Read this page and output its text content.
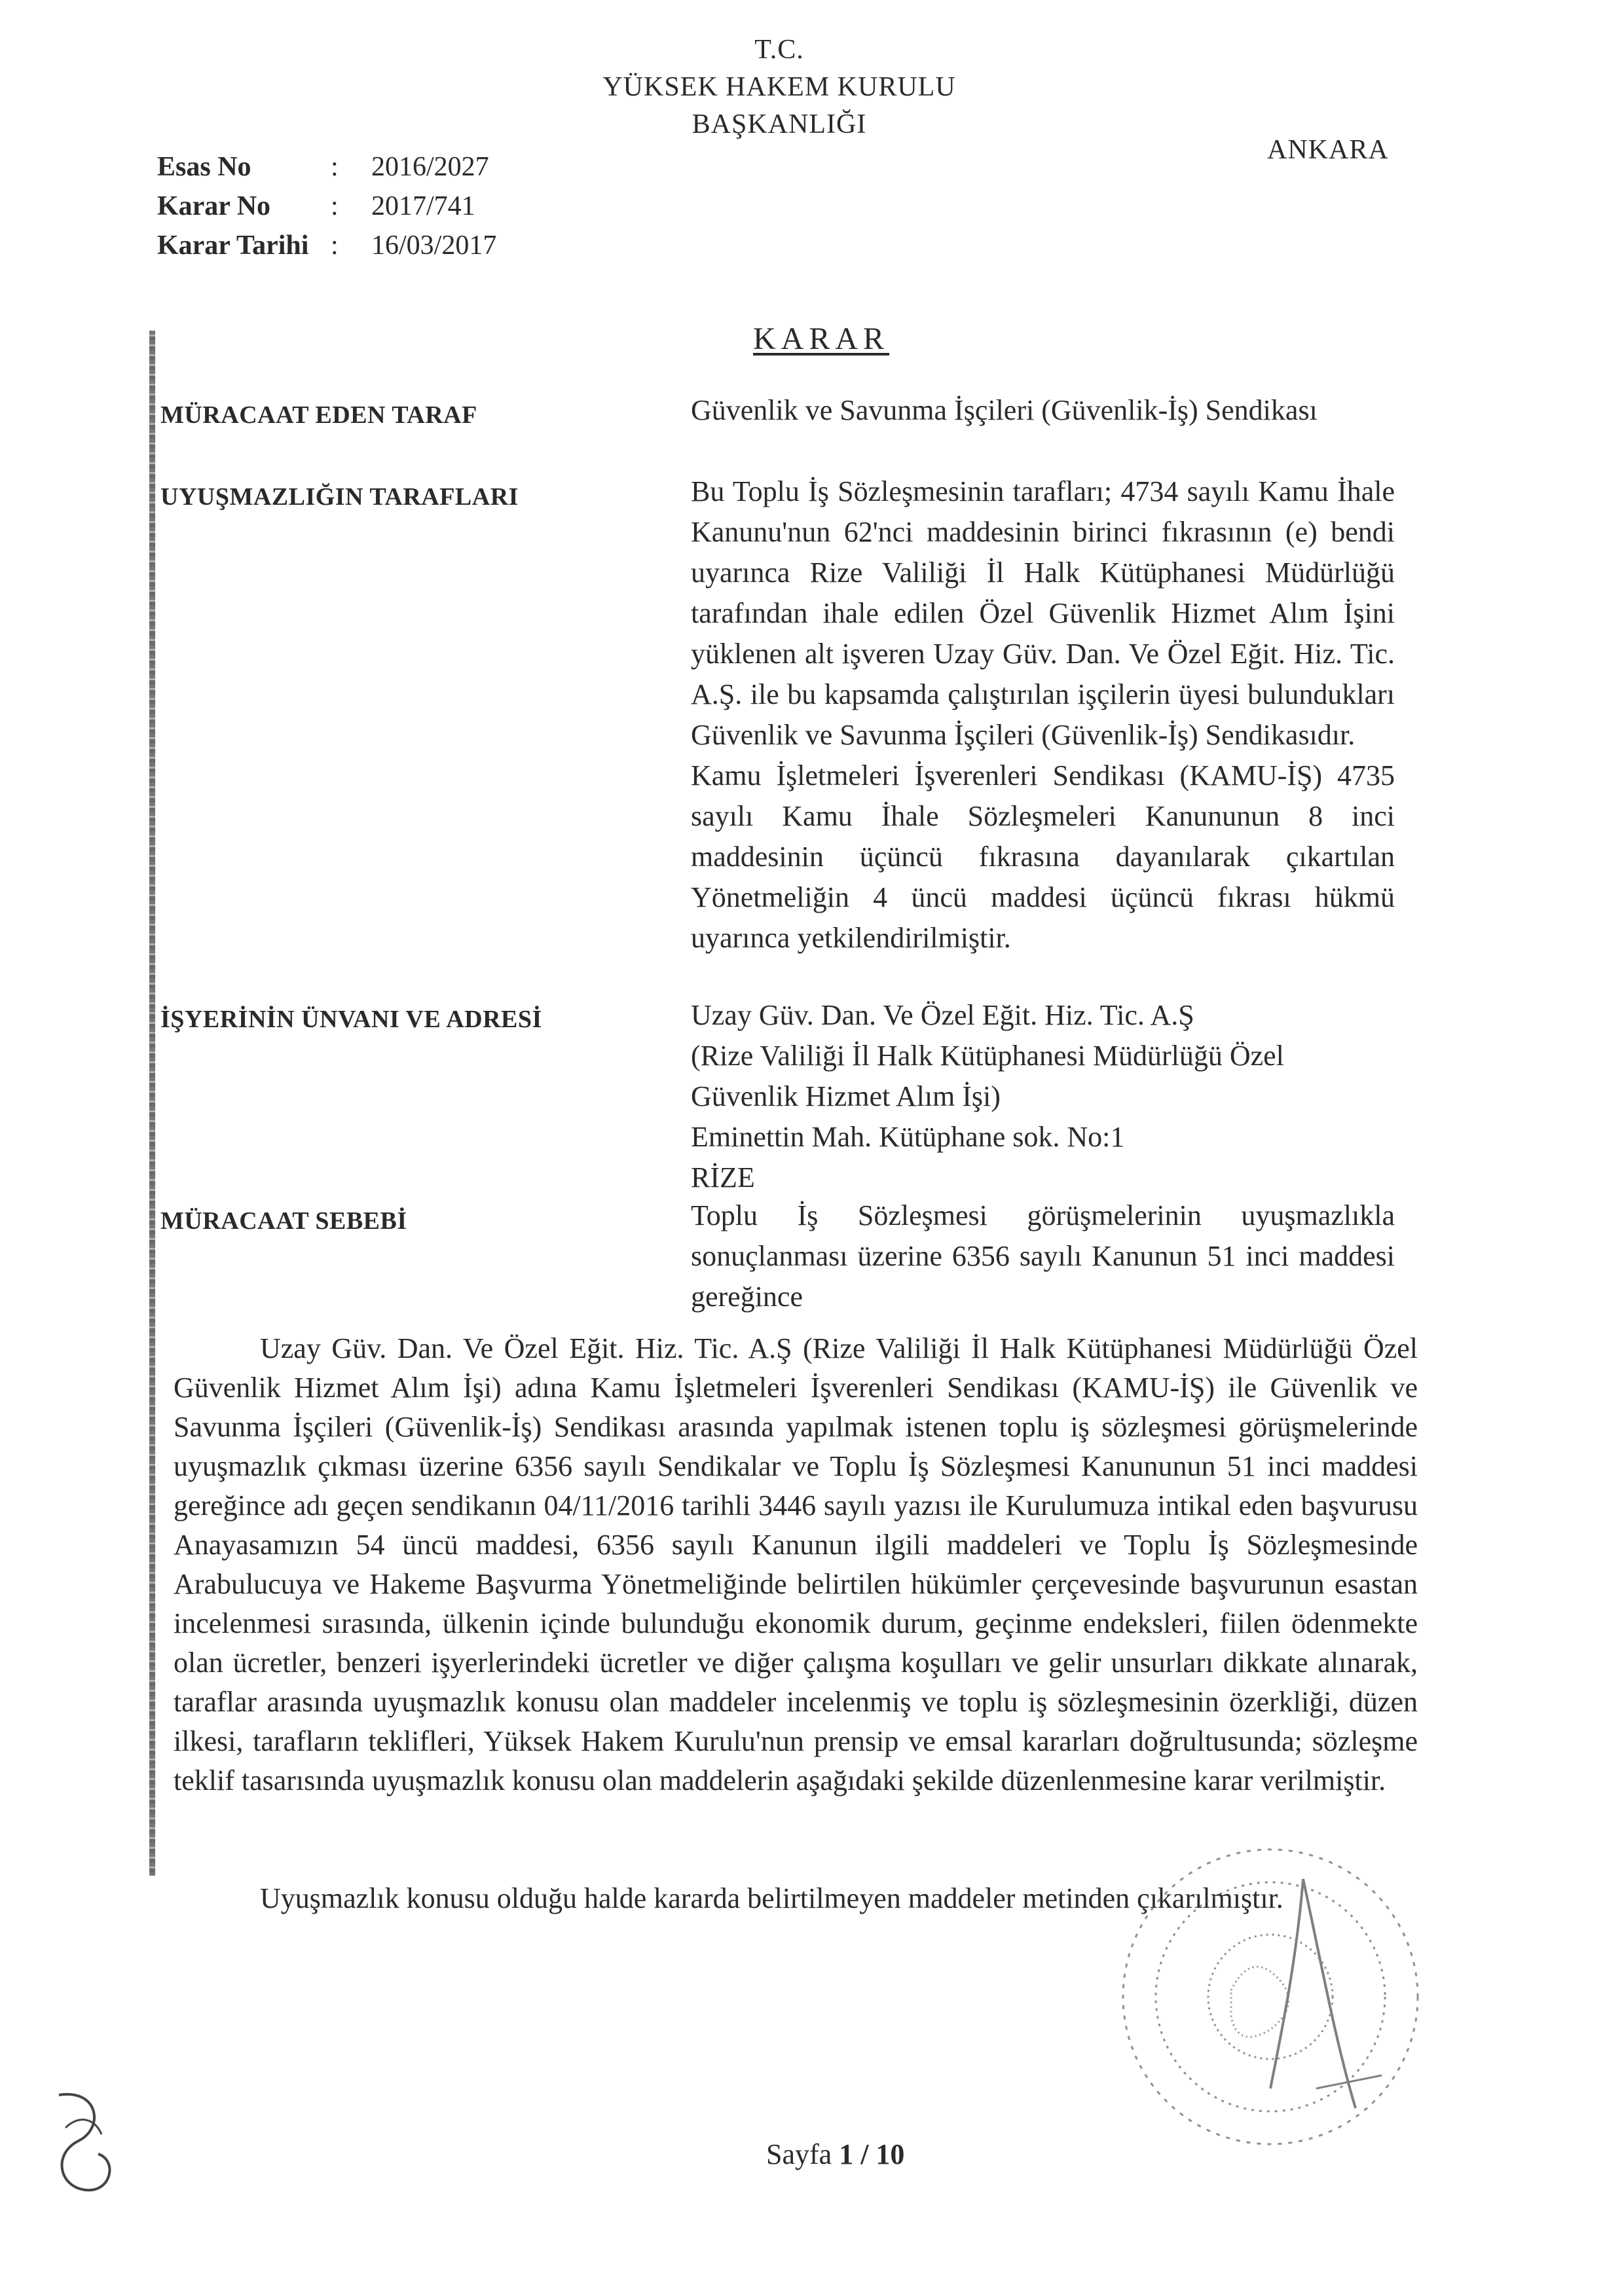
T.C.
YÜKSEK HAKEM KURULU
BAŞKANLIĞI
ANKARA
Esas No	:	2016/2027
Karar No	:	2017/741
Karar Tarihi :	16/03/2017
KARAR
MÜRACAAT EDEN TARAF	Güvenlik ve Savunma İşçileri (Güvenlik-İş) Sendikası
UYUŞMAZLIĞIN TARAFLARI	Bu Toplu İş Sözleşmesinin tarafları; 4734 sayılı Kamu İhale Kanunu'nun 62'nci maddesinin birinci fıkrasının (e) bendi uyarınca Rize Valiliği İl Halk Kütüphanesi Müdürlüğü tarafından ihale edilen Özel Güvenlik Hizmet Alım İşini yüklenen alt işveren Uzay Güv. Dan. Ve Özel Eğit. Hiz. Tic. A.Ş. ile bu kapsamda çalıştırılan işçilerin üyesi bulundukları Güvenlik ve Savunma İşçileri (Güvenlik-İş) Sendikasıdır.

Kamu İşletmeleri İşverenleri Sendikası (KAMU-İŞ) 4735 sayılı Kamu İhale Sözleşmeleri Kanununun 8 inci maddesinin üçüncü fıkrasına dayanılarak çıkartılan Yönetmeliğin 4 üncü maddesi üçüncü fıkrası hükmü uyarınca yetkilendirilmiştir.

İŞYERİNİN ÜNVANI VE ADRESİ	Uzay Güv. Dan. Ve Özel Eğit. Hiz. Tic. A.Ş

(Rize Valiliği İl Halk Kütüphanesi Müdürlüğü Özel Güvenlik Hizmet Alım İşi)

Eminettin Mah. Kütüphane sok. No:1

RİZE

MÜRACAAT SEBEBİ	Toplu İş Sözleşmesi görüşmelerinin uyuşmazlıkla sonuçlanması üzerine 6356 sayılı Kanunun 51 inci maddesi gereğince

Uzay Güv. Dan. Ve Özel Eğit. Hiz. Tic. A.Ş (Rize Valiliği İl Halk Kütüphanesi Müdürlüğü Özel Güvenlik Hizmet Alım İşi) adına Kamu İşletmeleri İşverenleri Sendikası (KAMU-İŞ) ile Güvenlik ve Savunma İşçileri (Güvenlik-İş) Sendikası arasında yapılmak istenen toplu iş sözleşmesi görüşmelerinde uyuşmazlık çıkması üzerine 6356 sayılı Sendikalar ve Toplu İş Sözleşmesi Kanununun 51 inci maddesi gereğince adı geçen sendikanın 04/11/2016 tarihli 3446 sayılı yazısı ile Kurulumuza intikal eden başvurusu Anayasamızın 54 üncü maddesi, 6356 sayılı Kanunun ilgili maddeleri ve Toplu İş Sözleşmesinde Arabulucuya ve Hakeme Başvurma Yönetmeliğinde belirtilen hükümler çerçevesinde başvurunun esastan incelenmesi sırasında, ülkenin içinde bulunduğu ekonomik durum, geçinme endeksleri, fiilen ödenmekte olan ücretler, benzeri işyerlerindeki ücretler ve diğer çalışma koşulları ve gelir unsurları dikkate alınarak, taraflar arasında uyuşmazlık konusu olan maddeler incelenmiş ve toplu iş sözleşmesinin özerkliği, düzen ilkesi, tarafların teklifleri, Yüksek Hakem Kurulu'nun prensip ve emsal kararları doğrultusunda; sözleşme teklif tasarısında uyuşmazlık konusu olan maddelerin aşağıdaki şekilde düzenlenmesine karar verilmiştir.

Uyuşmazlık konusu olduğu halde kararda belirtilmeyen maddeler metinden çıkarılmıştır.

Sayfa 1 / 10
